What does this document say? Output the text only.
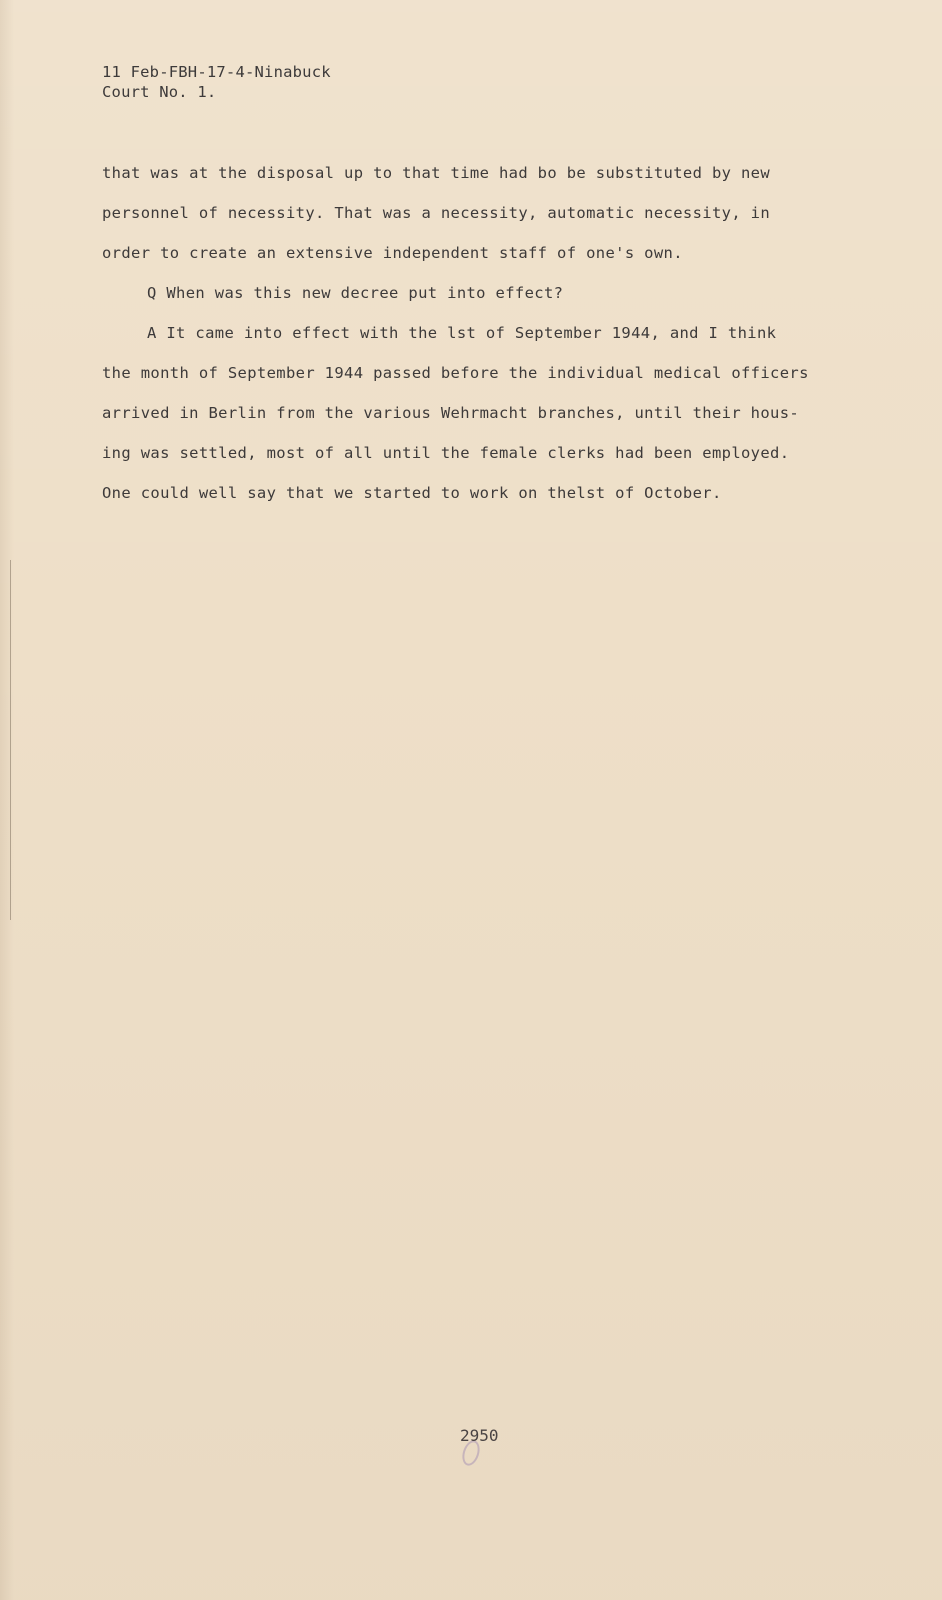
11 Feb-FBH-17-4-Ninabuck
Court No. 1.
that was at the disposal up to that time had bo be substituted by new
personnel of necessity. That was a necessity, automatic necessity, in
order to create an extensive independent staff of one's own.
Q When was this new decree put into effect?
A It came into effect with the lst of September 1944, and I think
the month of September 1944 passed before the individual medical officers
arrived in Berlin from the various Wehrmacht branches, until their hous-
ing was settled, most of all until the female clerks had been employed.
One could well say that we started to work on thelst of October.
2950
